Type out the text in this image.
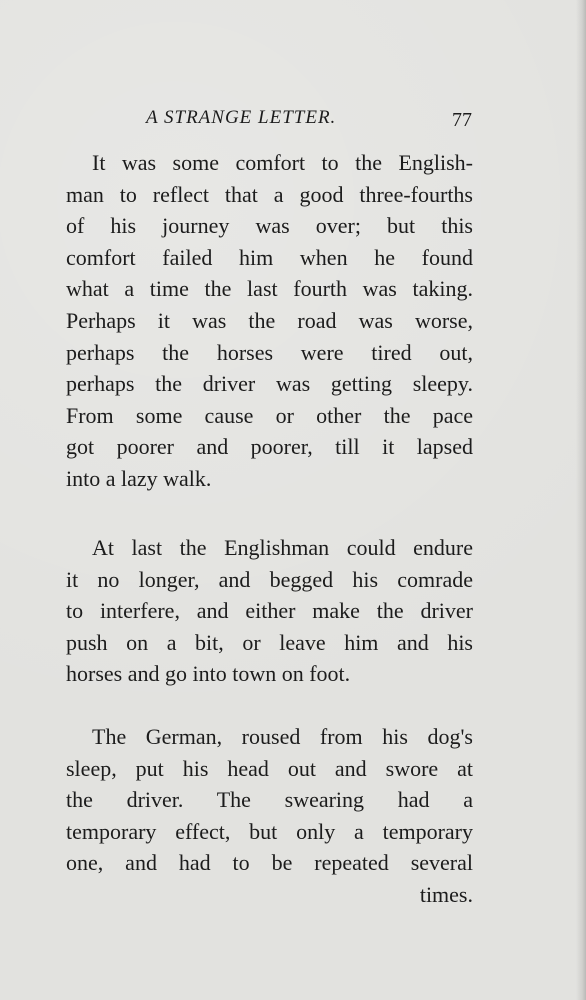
A STRANGE LETTER.	77
It was some comfort to the English-
man to reflect that a good three-fourths
of his journey was over; but this
comfort failed him when he found
what a time the last fourth was taking.
Perhaps it was the road was worse,
perhaps the horses were tired out,
perhaps the driver was getting sleepy.
From some cause or other the pace
got poorer and poorer, till it lapsed
into a lazy walk.
At last the Englishman could endure
it no longer, and begged his comrade
to interfere, and either make the driver
push on a bit, or leave him and his
horses and go into town on foot.
The German, roused from his dog's
sleep, put his head out and swore at
the driver. The swearing had a
temporary effect, but only a temporary
one, and had to be repeated several
times.
